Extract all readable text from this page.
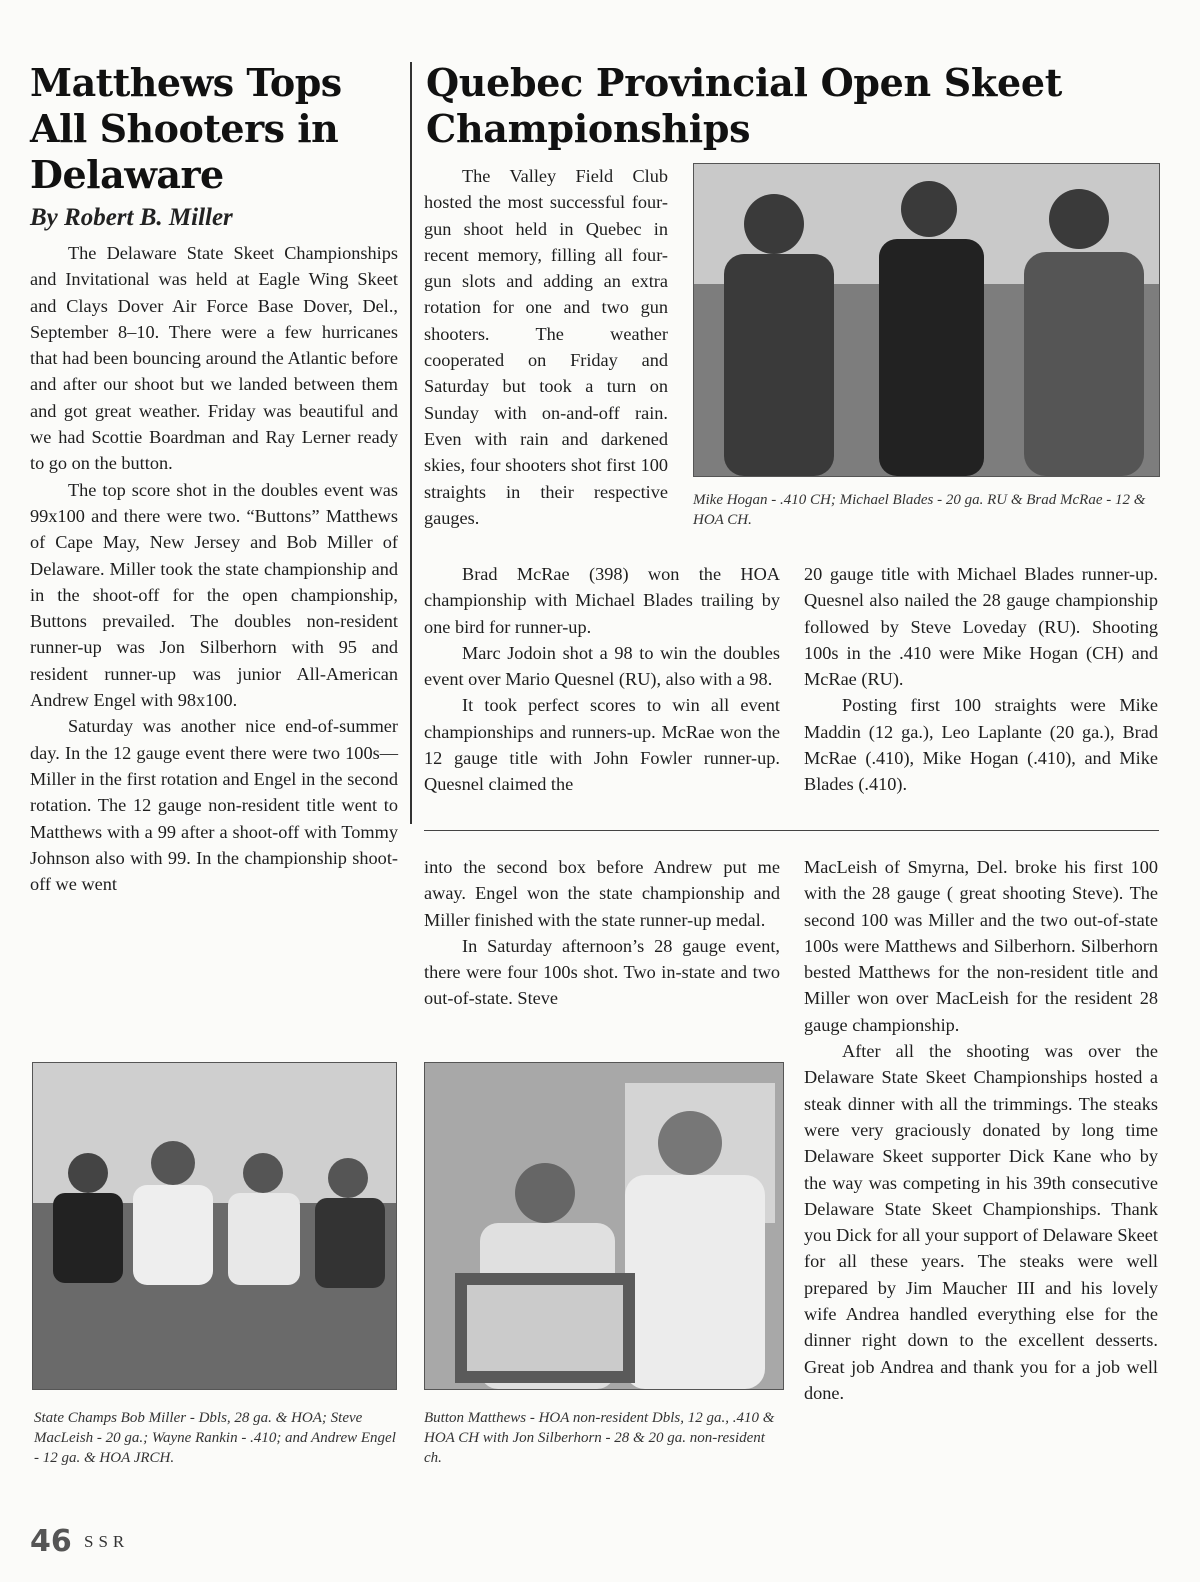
Matthews Tops All Shooters in Delaware
By Robert B. Miller
Quebec Provincial Open Skeet Championships

The Delaware State Skeet Championships and Invitational was held at Eagle Wing Skeet and Clays Dover Air Force Base Dover, Del., September 8–10. There were a few hurricanes that had been bouncing around the Atlantic before and after our shoot but we landed between them and got great weather. Friday was beautiful and we had Scottie Boardman and Ray Lerner ready to go on the button.

The top score shot in the doubles event was 99x100 and there were two. “Buttons” Matthews of Cape May, New Jersey and Bob Miller of Delaware. Miller took the state championship and in the shoot-off for the open championship, Buttons prevailed. The doubles non-resident runner-up was Jon Silberhorn with 95 and resident runner-up was junior All-American Andrew Engel with 98x100.

Saturday was another nice end-of-summer day. In the 12 gauge event there were two 100s—Miller in the first rotation and Engel in the second rotation. The 12 gauge non-resident title went to Matthews with a 99 after a shoot-off with Tommy Johnson also with 99. In the championship shoot-off we went

The Valley Field Club hosted the most successful four-gun shoot held in Quebec in recent memory, filling all four-gun slots and adding an extra rotation for one and two gun shooters. The weather cooperated on Friday and Saturday but took a turn on Sunday with on-and-off rain. Even with rain and darkened skies, four shooters shot first 100 straights in their respective gauges.

Mike Hogan - .410 CH; Michael Blades - 20 ga. RU & Brad McRae - 12 & HOA CH.

Brad McRae (398) won the HOA championship with Michael Blades trailing by one bird for runner-up.

Marc Jodoin shot a 98 to win the doubles event over Mario Quesnel (RU), also with a 98.

It took perfect scores to win all event championships and runners-up. McRae won the 12 gauge title with John Fowler runner-up. Quesnel claimed the

20 gauge title with Michael Blades runner-up. Quesnel also nailed the 28 gauge championship followed by Steve Loveday (RU). Shooting 100s in the .410 were Mike Hogan (CH) and McRae (RU).

Posting first 100 straights were Mike Maddin (12 ga.), Leo Laplante (20 ga.), Brad McRae (.410), Mike Hogan (.410), and Mike Blades (.410).

into the second box before Andrew put me away. Engel won the state championship and Miller finished with the state runner-up medal.

In Saturday afternoon’s 28 gauge event, there were four 100s shot. Two in-state and two out-of-state. Steve

MacLeish of Smyrna, Del. broke his first 100 with the 28 gauge ( great shooting Steve). The second 100 was Miller and the two out-of-state 100s were Matthews and Silberhorn. Silberhorn bested Matthews for the non-resident title and Miller won over MacLeish for the resident 28 gauge championship.

After all the shooting was over the Delaware State Skeet Championships hosted a steak dinner with all the trimmings. The steaks were very graciously donated by long time Delaware Skeet supporter Dick Kane who by the way was competing in his 39th consecutive Delaware State Skeet Championships. Thank you Dick for all your support of Delaware Skeet for all these years. The steaks were well prepared by Jim Maucher III and his lovely wife Andrea handled everything else for the dinner right down to the excellent desserts. Great job Andrea and thank you for a job well done.

State Champs Bob Miller - Dbls, 28 ga. & HOA; Steve MacLeish - 20 ga.; Wayne Rankin - .410; and Andrew Engel - 12 ga. & HOA JRCH.
Button Matthews - HOA non-resident Dbls, 12 ga., .410 & HOA CH with Jon Silberhorn - 28 & 20 ga. non-resident ch.
46 SSR
